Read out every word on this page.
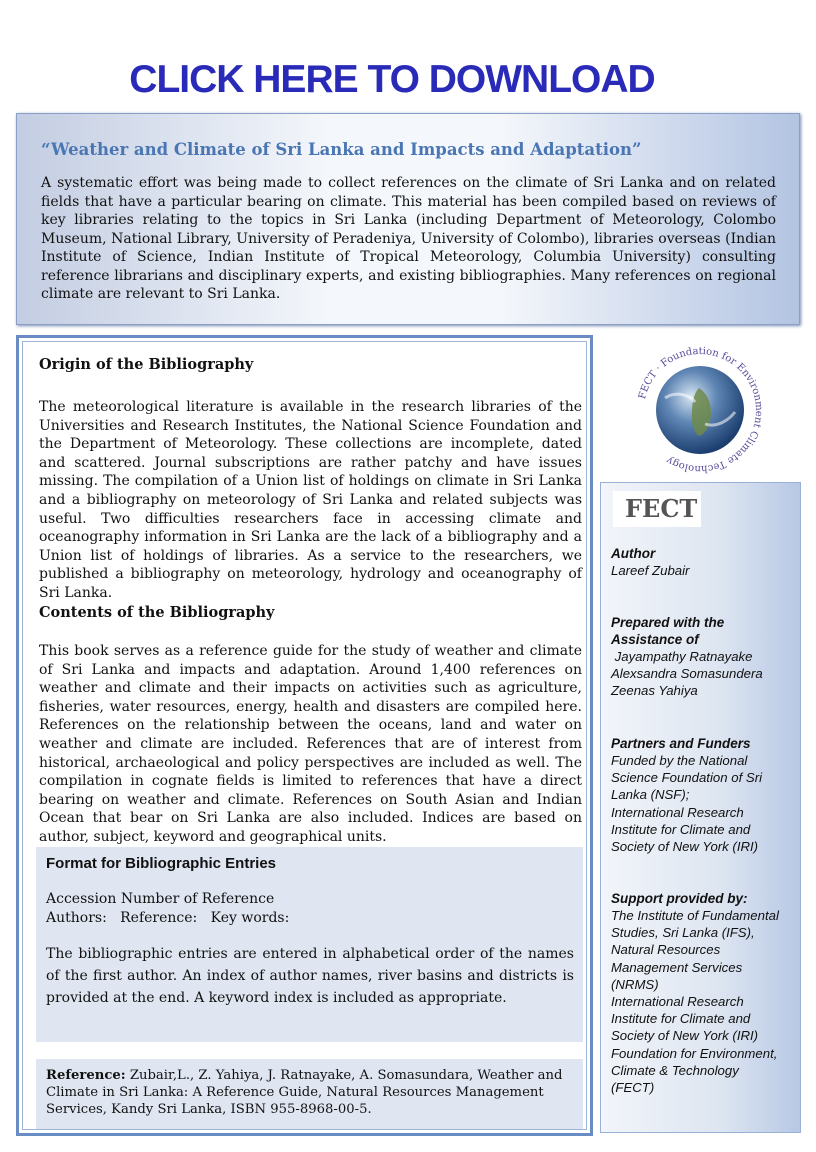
CLICK HERE TO DOWNLOAD
“Weather and Climate of Sri Lanka and Impacts and Adaptation”
A systematic effort was being made to collect references on the climate of Sri Lanka and on related fields that have a particular bearing on climate. This material has been compiled based on reviews of key libraries relating to the topics in Sri Lanka (including Department of Meteorology, Colombo Museum, National Library, University of Peradeniya, University of Colombo), libraries overseas (Indian Institute of Science, Indian Institute of Tropical Meteorology, Columbia University) consulting reference librarians and disciplinary experts, and existing bibliographies. Many references on regional climate are relevant to Sri Lanka.
Origin of the Bibliography
The meteorological literature is available in the research libraries of the Universities and Research Institutes, the National Science Foundation and the Department of Meteorology. These collections are incomplete, dated and scattered. Journal subscriptions are rather patchy and have issues missing. The compilation of a Union list of holdings on climate in Sri Lanka and a bibliography on meteorology of Sri Lanka and related subjects was useful. Two difficulties researchers face in accessing climate and oceanography information in Sri Lanka are the lack of a bibliography and a Union list of holdings of libraries. As a service to the researchers, we published a bibliography on meteorology, hydrology and oceanography of Sri Lanka.
Contents of the Bibliography
This book serves as a reference guide for the study of weather and climate of Sri Lanka and impacts and adaptation. Around 1,400 references on weather and climate and their impacts on activities such as agriculture, fisheries, water resources, energy, health and disasters are compiled here. References on the relationship between the oceans, land and water on weather and climate are included. References that are of interest from historical, archaeological and policy perspectives are included as well. The compilation in cognate fields is limited to references that have a direct bearing on weather and climate. References on South Asian and Indian Ocean that bear on Sri Lanka are also included. Indices are based on author, subject, keyword and geographical units.
Format for Bibliographic Entries
Accession Number of Reference
Authors:   Reference:   Key words:
The bibliographic entries are entered in alphabetical order of the names of the first author. An index of author names, river basins and districts is provided at the end. A keyword index is included as appropriate.
Reference: Zubair,L., Z. Yahiya, J. Ratnayake, A. Somasundara, Weather and Climate in Sri Lanka: A Reference Guide, Natural Resources Management Services, Kandy Sri Lanka, ISBN 955-8968-00-5.
FECT · Foundation for Environment Climate Technology
FECT
Author
Lareef Zubair
Prepared with the
Assistance of
Jayampathy Ratnayake
Alexsandra Somasundera
Zeenas Yahiya
Partners and Funders
Funded by the National
Science Foundation of Sri
Lanka (NSF);
International Research
Institute for Climate and
Society of New York (IRI)
Support provided by:
The Institute of Fundamental
Studies, Sri Lanka (IFS),
Natural Resources
Management Services
(NRMS)
International Research
Institute for Climate and
Society of New York (IRI)
Foundation for Environment,
Climate & Technology
(FECT)
